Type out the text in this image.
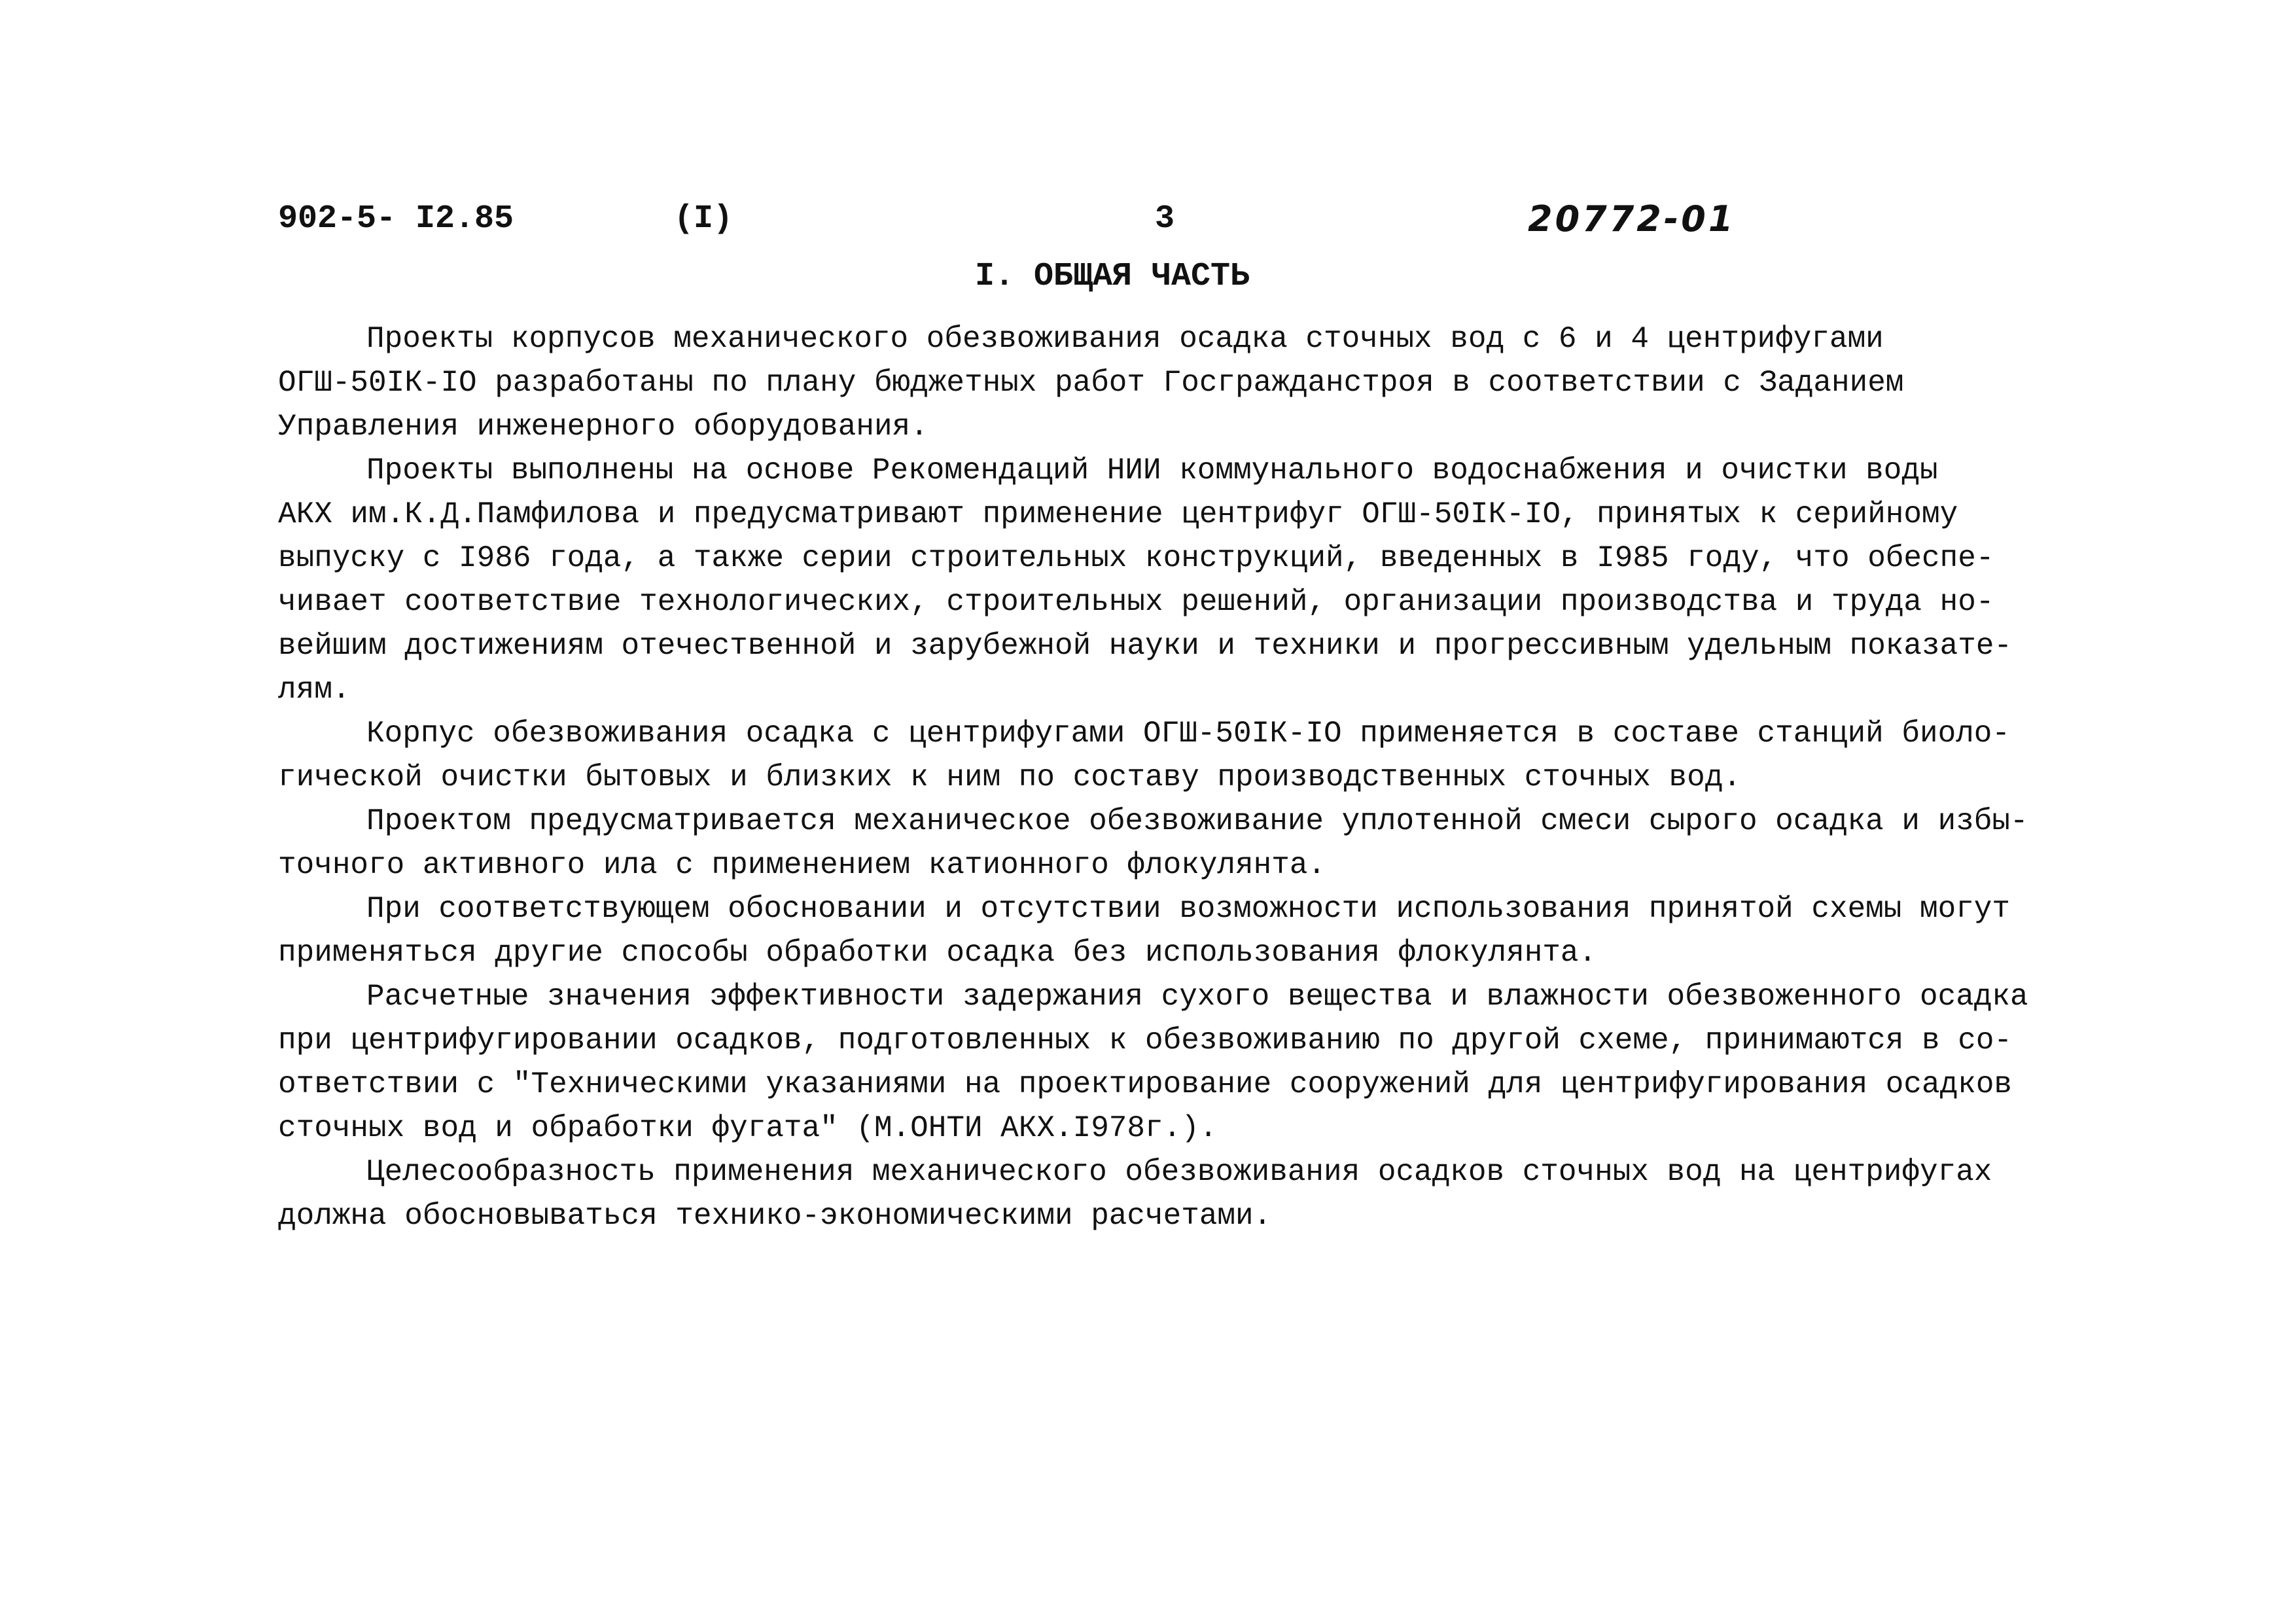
902-5- I2.85	(I)	3	20772-01
I. ОБЩАЯ ЧАСТЬ
Проекты корпусов механического обезвоживания осадка сточных вод с 6 и 4 центрифугами
ОГШ-50IК-IО разработаны по плану бюджетных работ Госгражданстроя в соответствии с Заданием
Управления инженерного оборудования.
Проекты выполнены на основе Рекомендаций НИИ коммунального водоснабжения и очистки воды
АКХ им.К.Д.Памфилова и предусматривают применение центрифуг ОГШ-50IК-IО, принятых к серийному
выпуску с I986 года, а также серии строительных конструкций, введенных в I985 году, что обеспе-
чивает соответствие технологических, строительных решений, организации производства и труда но-
вейшим достижениям отечественной и зарубежной науки и техники и прогрессивным удельным показате-
лям.
Корпус обезвоживания осадка с центрифугами ОГШ-50IК-IО применяется в составе станций биоло-
гической очистки бытовых и близких к ним по составу производственных сточных вод.
Проектом предусматривается механическое обезвоживание уплотенной смеси сырого осадка и избы-
точного активного ила с применением катионного флокулянта.
При соответствующем обосновании и отсутствии возможности использования принятой схемы могут
применяться другие способы обработки осадка без использования флокулянта.
Расчетные значения эффективности задержания сухого вещества и влажности обезвоженного осадка
при центрифугировании осадков, подготовленных к обезвоживанию по другой схеме, принимаются в со-
ответствии с "Техническими указаниями на проектирование сооружений для центрифугирования осадков
сточных вод и обработки фугата" (М.ОНТИ АКХ.I978г.).
Целесообразность применения механического обезвоживания осадков сточных вод на центрифугах
должна обосновываться технико-экономическими расчетами.
